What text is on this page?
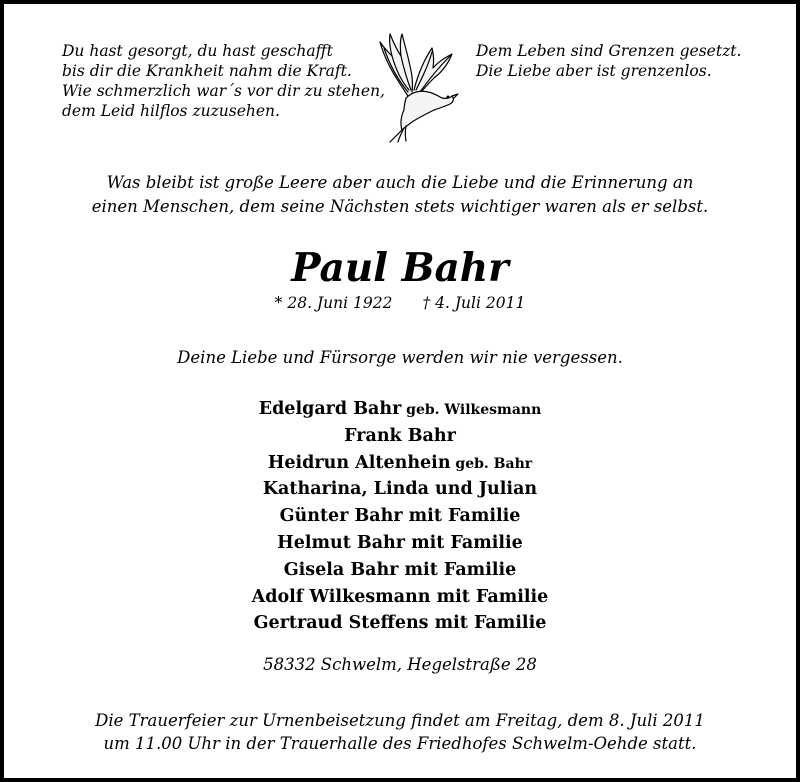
Du hast gesorgt, du hast geschafft
bis dir die Krankheit nahm die Kraft.
Wie schmerzlich war´s vor dir zu stehen,
dem Leid hilflos zuzusehen.
Dem Leben sind Grenzen gesetzt.
Die Liebe aber ist grenzenlos.
Was bleibt ist große Leere aber auch die Liebe und die Erinnerung an
einen Menschen, dem seine Nächsten stets wichtiger waren als er selbst.
Paul Bahr
* 28. Juni 1922 † 4. Juli 2011
Deine Liebe und Fürsorge werden wir nie vergessen.
Edelgard Bahr geb. Wilkesmann
Frank Bahr
Heidrun Altenhein geb. Bahr
Katharina, Linda und Julian
Günter Bahr mit Familie
Helmut Bahr mit Familie
Gisela Bahr mit Familie
Adolf Wilkesmann mit Familie
Gertraud Steffens mit Familie
58332 Schwelm, Hegelstraße 28
Die Trauerfeier zur Urnenbeisetzung findet am Freitag, dem 8. Juli 2011
um 11.00 Uhr in der Trauerhalle des Friedhofes Schwelm-Oehde statt.
